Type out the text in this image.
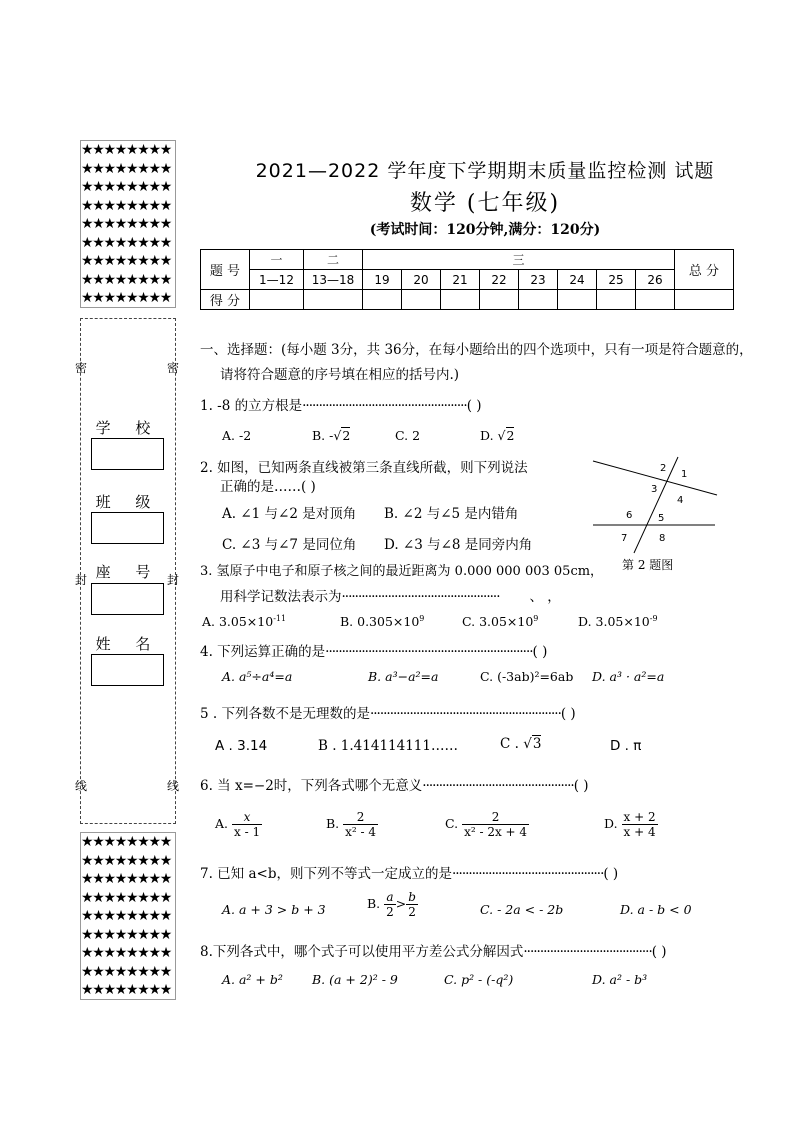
★★★★★★★★
★★★★★★★★
★★★★★★★★
★★★★★★★★
★★★★★★★★
★★★★★★★★
★★★★★★★★
★★★★★★★★
★★★★★★★★
密	密
封	封
线	线
学 校
班 级
座 号
姓 名
★★★★★★★★
★★★★★★★★
★★★★★★★★
★★★★★★★★
★★★★★★★★
★★★★★★★★
★★★★★★★★
★★★★★★★★
★★★★★★★★
2021—2022 学年度下学期期末质量监控检测 试题
数学 (七年级)
(考试时间：120分钟,满分：120分)
题 号	一	二	三								总 分
	1—12	13—18	19	20	21	22	23	24	25	26	
得 分											
一、选择题：(每小题 3分，共 36分，在每小题给出的四个选项中，只有一项是符合题意的，
请将符合题意的序号填在相应的括号内.)
1. -8 的立方根是··················································( )
A. -2	B. -√2	C. 2	D. √2
2. 如图，已知两条直线被第三条直线所截，则下列说法
正确的是……( )
A. ∠1 与∠2 是对顶角 B. ∠2 与∠5 是内错角
C. ∠3 与∠7 是同位角 D. ∠3 与∠8 是同旁内角
1
2
3
4
5
6
7	8
第 2 题图
3. 氢原子中电子和原子核之间的最近距离为 0.000 000 003 05cm，
用科学记数法表示为················································ 、 ，
A. $3.05\times 10^{-11}$	B. $0.305\times 10^9$	C. $3.05\times 10^9$	D. $3.05\times 10^{-9}$
4. 下列运算正确的是·······························································( )
A. a⁵÷a⁴=a	B. a³−a²=a	C. (-3ab)²=6ab D. a³ · a²=a
5 . 下列各数不是无理数的是··························································( )
A . 3.14	B . 1.414114111……	C . √3	D . π
6. 当 x=−2时，下列各式哪个无意义··············································( )
A. $\frac{x}{x - 1}$	B. $\frac{2}{\text{x² - 4}}$	C. $\frac{2}{\text{x² - 2x + 4}}$	D. $\frac{x + 2}{x + 4}$
7. 已知 a<b，则下列不等式一定成立的是··············································( )
A. a + 3 > b + 3	B. $\frac{a}{2} > \frac{b}{2}$	C. - 2a < - 2b	D. a - b < 0
8.下列各式中，哪个式子可以使用平方差公式分解因式·······································( )
A. a² + b² B. (a + 2)² - 9	C. p² - (-q²)	D. a² - b³
